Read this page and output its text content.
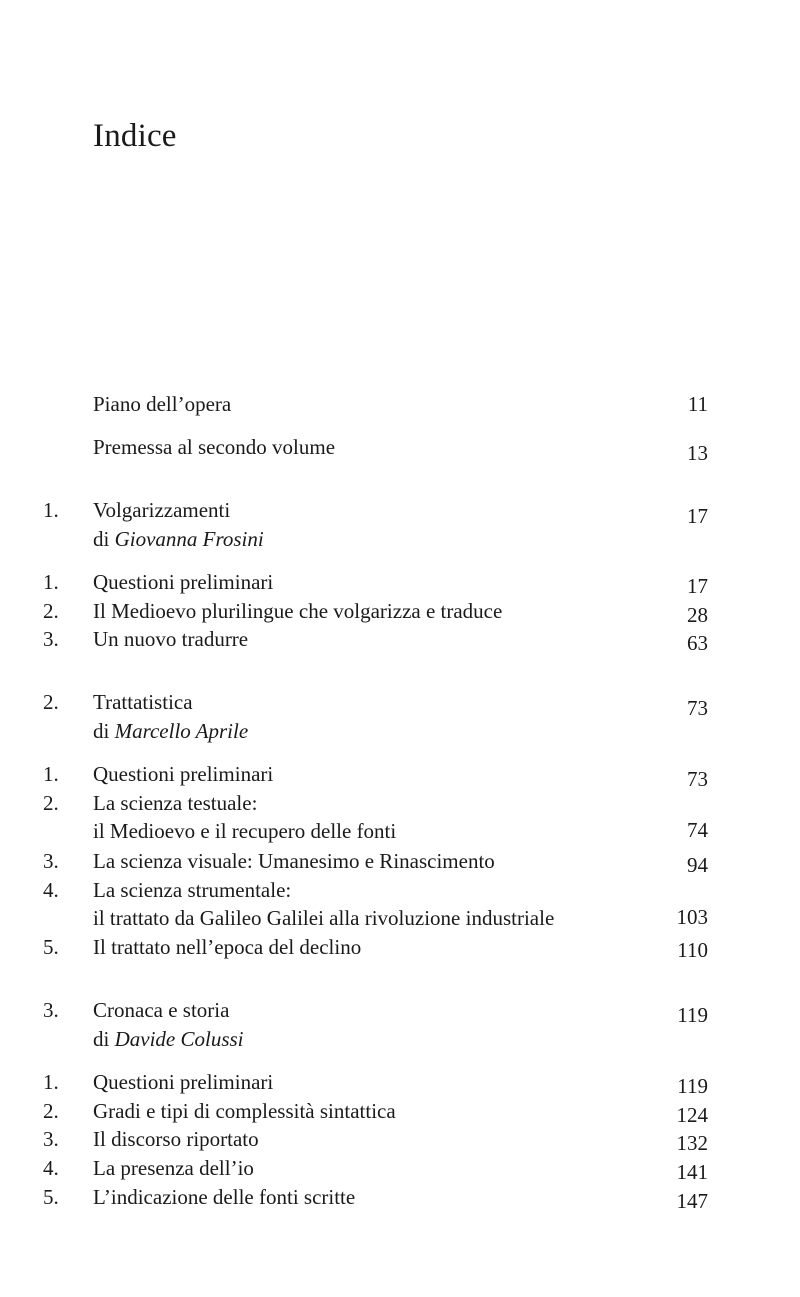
Indice
Piano dell’opera	11
Premessa al secondo volume	13
1.	Volgarizzamenti	17
di Giovanna Frosini
1.	Questioni preliminari	17
2.	Il Medioevo plurilingue che volgarizza e traduce	28
3.	Un nuovo tradurre	63
2.	Trattatistica	73
di Marcello Aprile
1.	Questioni preliminari	73
2.	La scienza testuale:
il Medioevo e il recupero delle fonti	74
3.	La scienza visuale: Umanesimo e Rinascimento	94
4.	La scienza strumentale:
il trattato da Galileo Galilei alla rivoluzione industriale	103
5.	Il trattato nell’epoca del declino	110
3.	Cronaca e storia	119
di Davide Colussi
1.	Questioni preliminari	119
2.	Gradi e tipi di complessità sintattica	124
3.	Il discorso riportato	132
4.	La presenza dell’io	141
5.	L’indicazione delle fonti scritte	147
